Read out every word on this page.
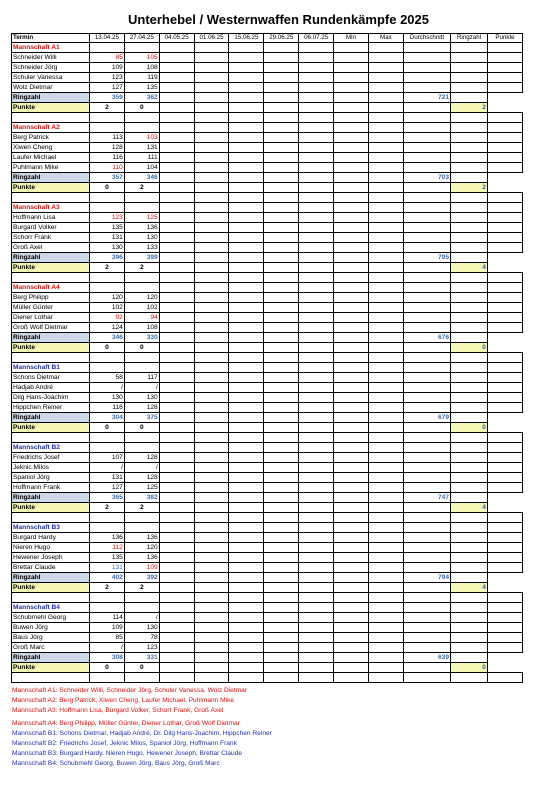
Unterhebel / Westernwaffen Rundenkämpfe 2025
Termin	13.04.25	27.04.25	04.05.25	01.06.25	15.06.25	29.06.25	06.07.25	Min	Max	Durchschnitt	Ringzahl	Punkte
Mannschaft A1												
Schneider Willi	85	105										
Schneider Jörg	109	108										
Schuler Vanessa	123	119										
Wolz Dietmar	127	135										
Ringzahl	359	362								721		
Punkte	2	0									2	

Mannschaft A2												
Berg Patrick	113	103										
Xiwen Cheng	128	131										
Laufer Michael	116	111										
Puhlmann Mike	110	104										
Ringzahl	357	346								703		
Punkte	0	2									2	

Mannschaft A3												
Hoffmann Lisa	123	125										
Burgard Volker	135	136										
Schorr Frank	131	130										
Groß Axel	130	133										
Ringzahl	396	399								795		
Punkte	2	2									4	

Mannschaft A4												
Berg Philipp	120	120										
Müller Günter	102	102										
Diener Lothar	92	94										
Groß Wolf Dietmar	124	108										
Ringzahl	346	330								676		
Punkte	0	0									0	

Mannschaft B1												
Schons Dietmar	58	117										
Hadjab André	/	/										
Dilg Hans-Joachim	130	130										
Hippchen Reiner	116	128										
Ringzahl	304	375								679		
Punkte	0	0									0	

Mannschaft B2												
Friedrichs Josef	107	128										
Jeknic Milos	/	/										
Spaniol Jörg	131	128										
Hoffmann Frank	127	125										
Ringzahl	365	382								747		
Punkte	2	2									4	

Mannschaft B3												
Burgard Hardy	136	136										
Nieren Hugo	112	120										
Hewener Joseph	135	136										
Brettar Claude	131	109										
Ringzahl	402	392								794		
Punkte	2	2									4	

Mannschaft B4												
Schubmehl Georg	114	/										
Buwen Jörg	109	130										
Baus Jörg	85	78										
Groß Marc	/	123										
Ringzahl	308	331								639		
Punkte	0	0									0	

Mannschaft A1: Schneider Willi, Schneider Jörg, Schuler Vanessa, Wolz Dietmar
Mannschaft A2: Berg Patrick, Xiwen Cheng, Laufer Michael, Puhlmann Mike
Mannschaft A3: Hoffmann Lisa, Burgard Volker, Schorr Frank, Groß Axel
Mannschaft A4: Berg Philipp, Müller Günter, Diener Lothar, Groß Wolf Dietmar
Mannschaft B1: Schons Dietmar, Hadjab André, Dr. Dilg Hans-Joachim, Hippchen Reiner
Mannschaft B2: Friedrichs Josef, Jeknic Milos, Spaniol Jörg, Hoffmann Frank
Mannschaft B3: Burgard Hardy, Nieren Hugo, Hewener Joseph, Brettar Claude
Mannschaft B4: Schubmehl Georg, Buwen Jörg, Baus Jörg, Groß Marc
